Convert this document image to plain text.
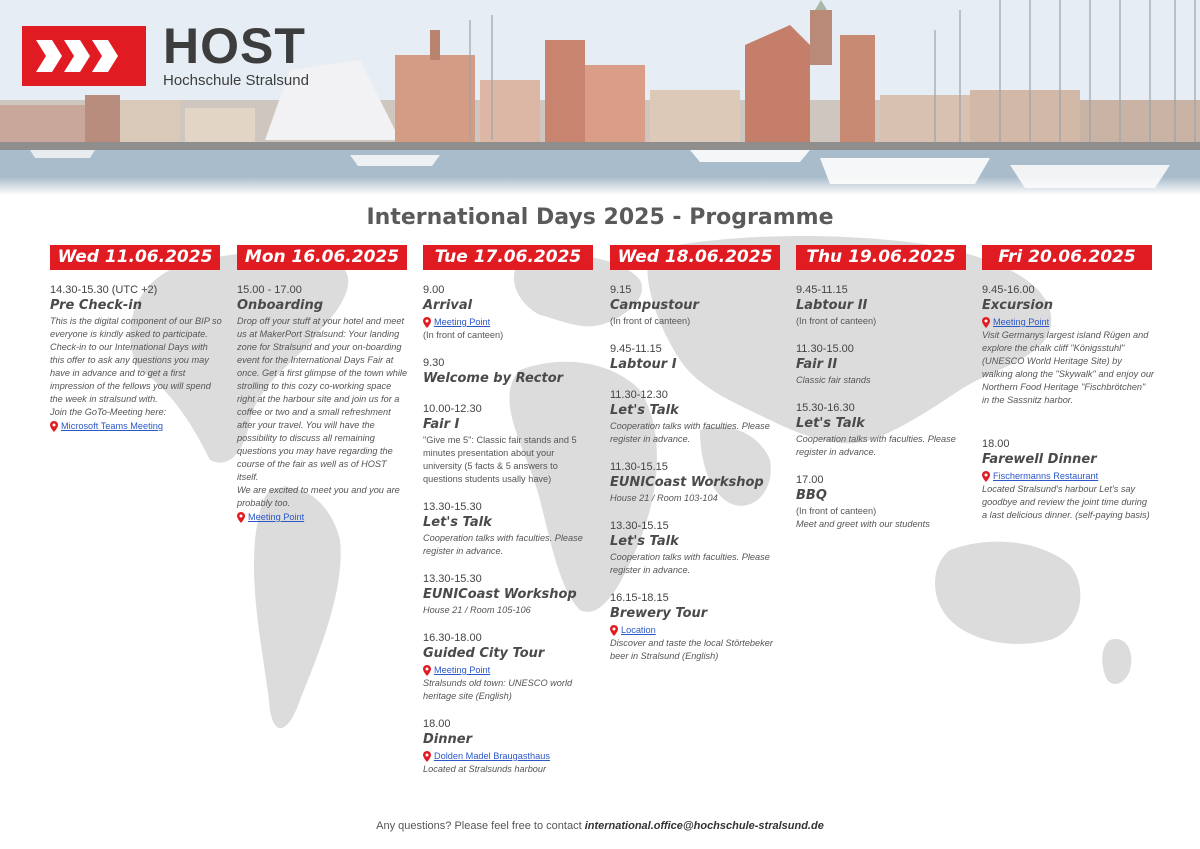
HOST
Hochschule Stralsund
International Days 2025 - Programme
Wed 11.06.2025
14.30-15.30 (UTC +2)
Pre Check-in
This is the digital component of our BIP so everyone is kindly asked to participate. Check-in to our International Days with this offer to ask any questions you may have in advance and to get a first impression of the fellows you will spend the week in stralsund with.
Join the GoTo-Meeting here:
Microsoft Teams Meeting
Mon 16.06.2025
15.00 - 17.00
Onboarding
Drop off your stuff at your hotel and meet us at MakerPort Stralsund: Your landing zone for Stralsund and your on-boarding event for the International Days Fair at once. Get a first glimpse of the town while strolling to this cozy co-working space right at the harbour site and join us for a coffee or two and a small refreshment after your travel. You will have the possibility to discuss all remaining questions you may have regarding the course of the fair as well as of HOST itself.
We are excited to meet you and you are probably too.
Meeting Point
Tue 17.06.2025
9.00
Arrival
Meeting Point
(In front of canteen)
9.30
Welcome by Rector
10.00-12.30
Fair I
"Give me 5": Classic fair stands and 5 minutes presentation about your university (5 facts & 5 answers to questions students usally have)
13.30-15.30
Let's Talk
Cooperation talks with faculties. Please register in advance.
13.30-15.30
EUNICoast Workshop
House 21 / Room 105-106
16.30-18.00
Guided City Tour
Meeting Point
Stralsunds old town: UNESCO world heritage site (English)
18.00
Dinner
Dolden Madel Braugasthaus
Located at Stralsunds harbour
Wed 18.06.2025
9.15
Campustour
(In front of canteen)
9.45-11.15
Labtour I
11.30-12.30
Let's Talk
Cooperation talks with faculties. Please register in advance.
11.30-15.15
EUNICoast Workshop
House 21 / Room 103-104
13.30-15.15
Let's Talk
Cooperation talks with faculties. Please register in advance.
16.15-18.15
Brewery Tour
Location
Discover and taste the local Störtebeker beer in Stralsund (English)
Thu 19.06.2025
9.45-11.15
Labtour II
(In front of canteen)
11.30-15.00
Fair II
Classic fair stands
15.30-16.30
Let's Talk
Cooperation talks with faculties. Please register in advance.
17.00
BBQ
(In front of canteen)
Meet and greet with our students
Fri 20.06.2025
9.45-16.00
Excursion
Meeting Point
Visit Germanys largest island Rügen and explore the chalk cliff "Königsstuhl" (UNESCO World Heritage Site) by walking along the "Skywalk" and enjoy our Northern Food Heritage "Fischbrötchen" in the Sassnitz harbor.
18.00
Farewell Dinner
Fischermanns Restaurant
Located Stralsund's harbour Let's say goodbye and review the joint time during a last delicious dinner. (self-paying basis)
Any questions? Please feel free to contact international.office@hochschule-stralsund.de
